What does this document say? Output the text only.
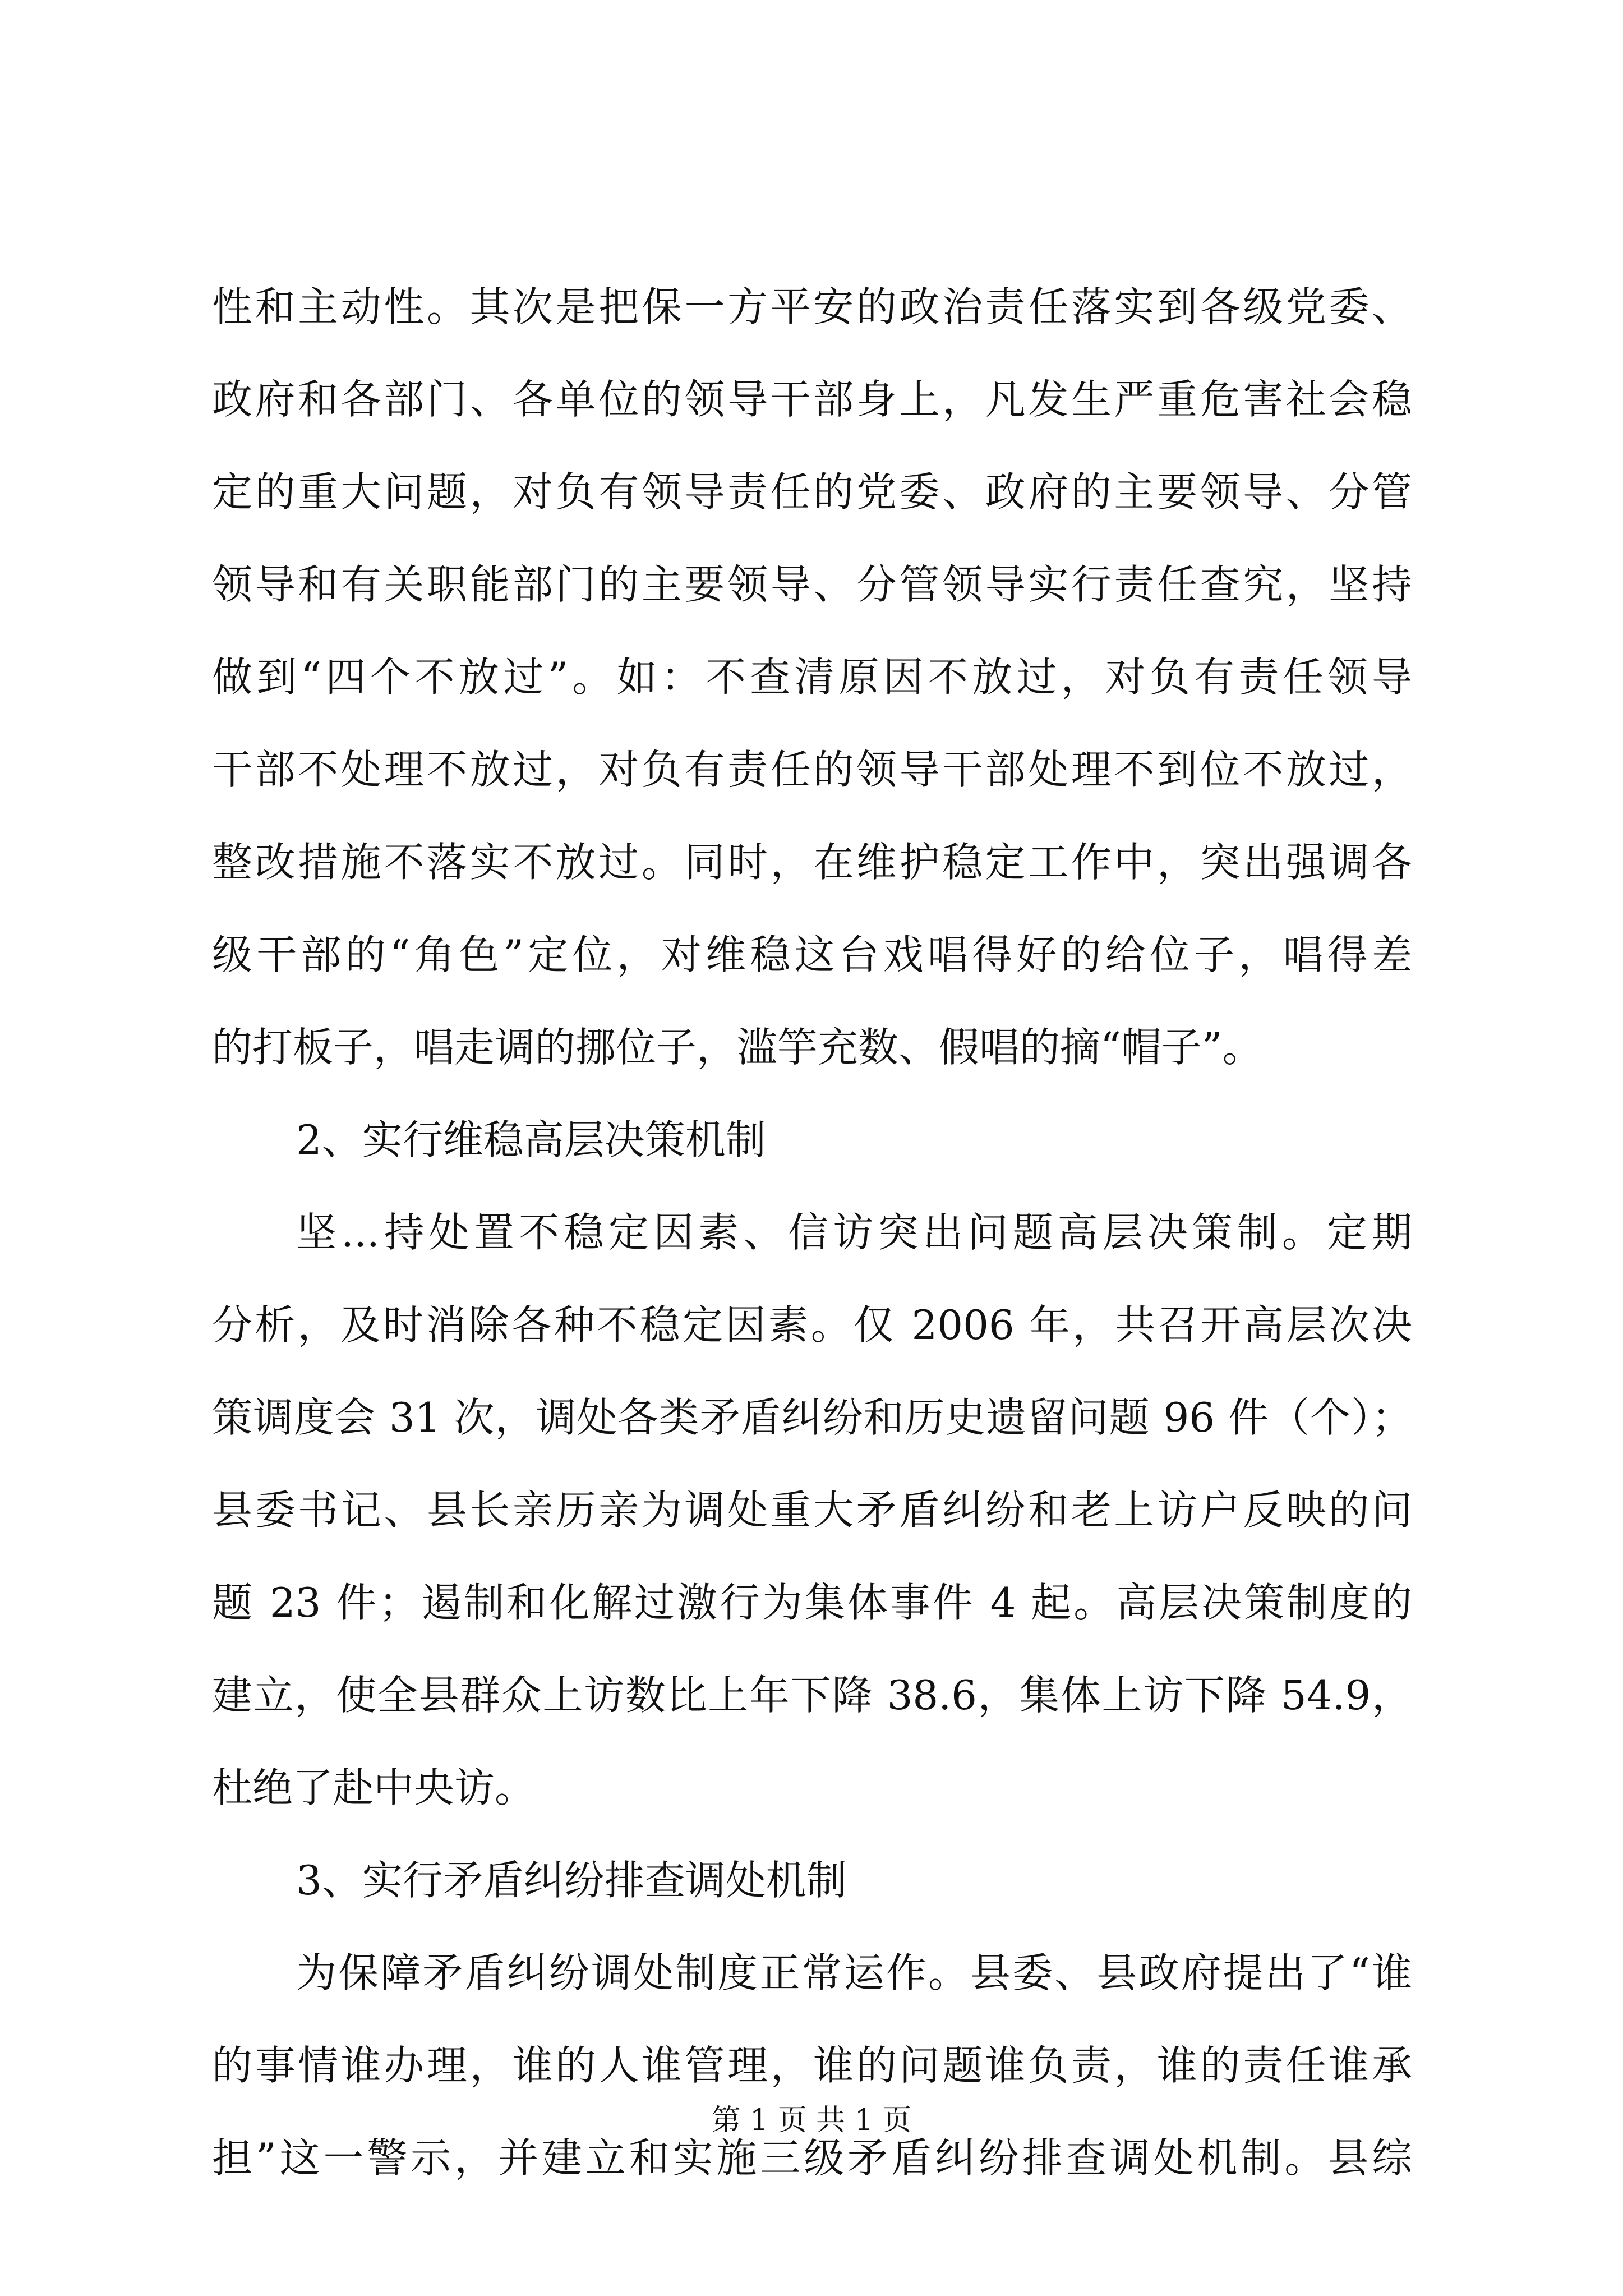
性和主动性。其次是把保一方平安的政治责任落实到各级党委、
政府和各部门、各单位的领导干部身上，凡发生严重危害社会稳
定的重大问题，对负有领导责任的党委、政府的主要领导、分管
领导和有关职能部门的主要领导、分管领导实行责任查究，坚持
做到“四个不放过”。如：不查清原因不放过，对负有责任领导
干部不处理不放过，对负有责任的领导干部处理不到位不放过，
整改措施不落实不放过。同时，在维护稳定工作中，突出强调各
级干部的“角色”定位，对维稳这台戏唱得好的给位子，唱得差
的打板子，唱走调的挪位子，滥竽充数、假唱的摘“帽子”。
2、实行维稳高层决策机制
坚...持处置不稳定因素、信访突出问题高层决策制。定期
分析，及时消除各种不稳定因素。仅 2006 年，共召开高层次决
策调度会 31 次，调处各类矛盾纠纷和历史遗留问题 96 件（个）；
县委书记、县长亲历亲为调处重大矛盾纠纷和老上访户反映的问
题 23 件；遏制和化解过激行为集体事件 4 起。高层决策制度的
建立，使全县群众上访数比上年下降 38.6，集体上访下降 54.9，
杜绝了赴中央访。
3、实行矛盾纠纷排查调处机制
为保障矛盾纠纷调处制度正常运作。县委、县政府提出了“谁
的事情谁办理，谁的人谁管理，谁的问题谁负责，谁的责任谁承
担”这一警示，并建立和实施三级矛盾纠纷排查调处机制。县综
第 1 页 共 1 页
